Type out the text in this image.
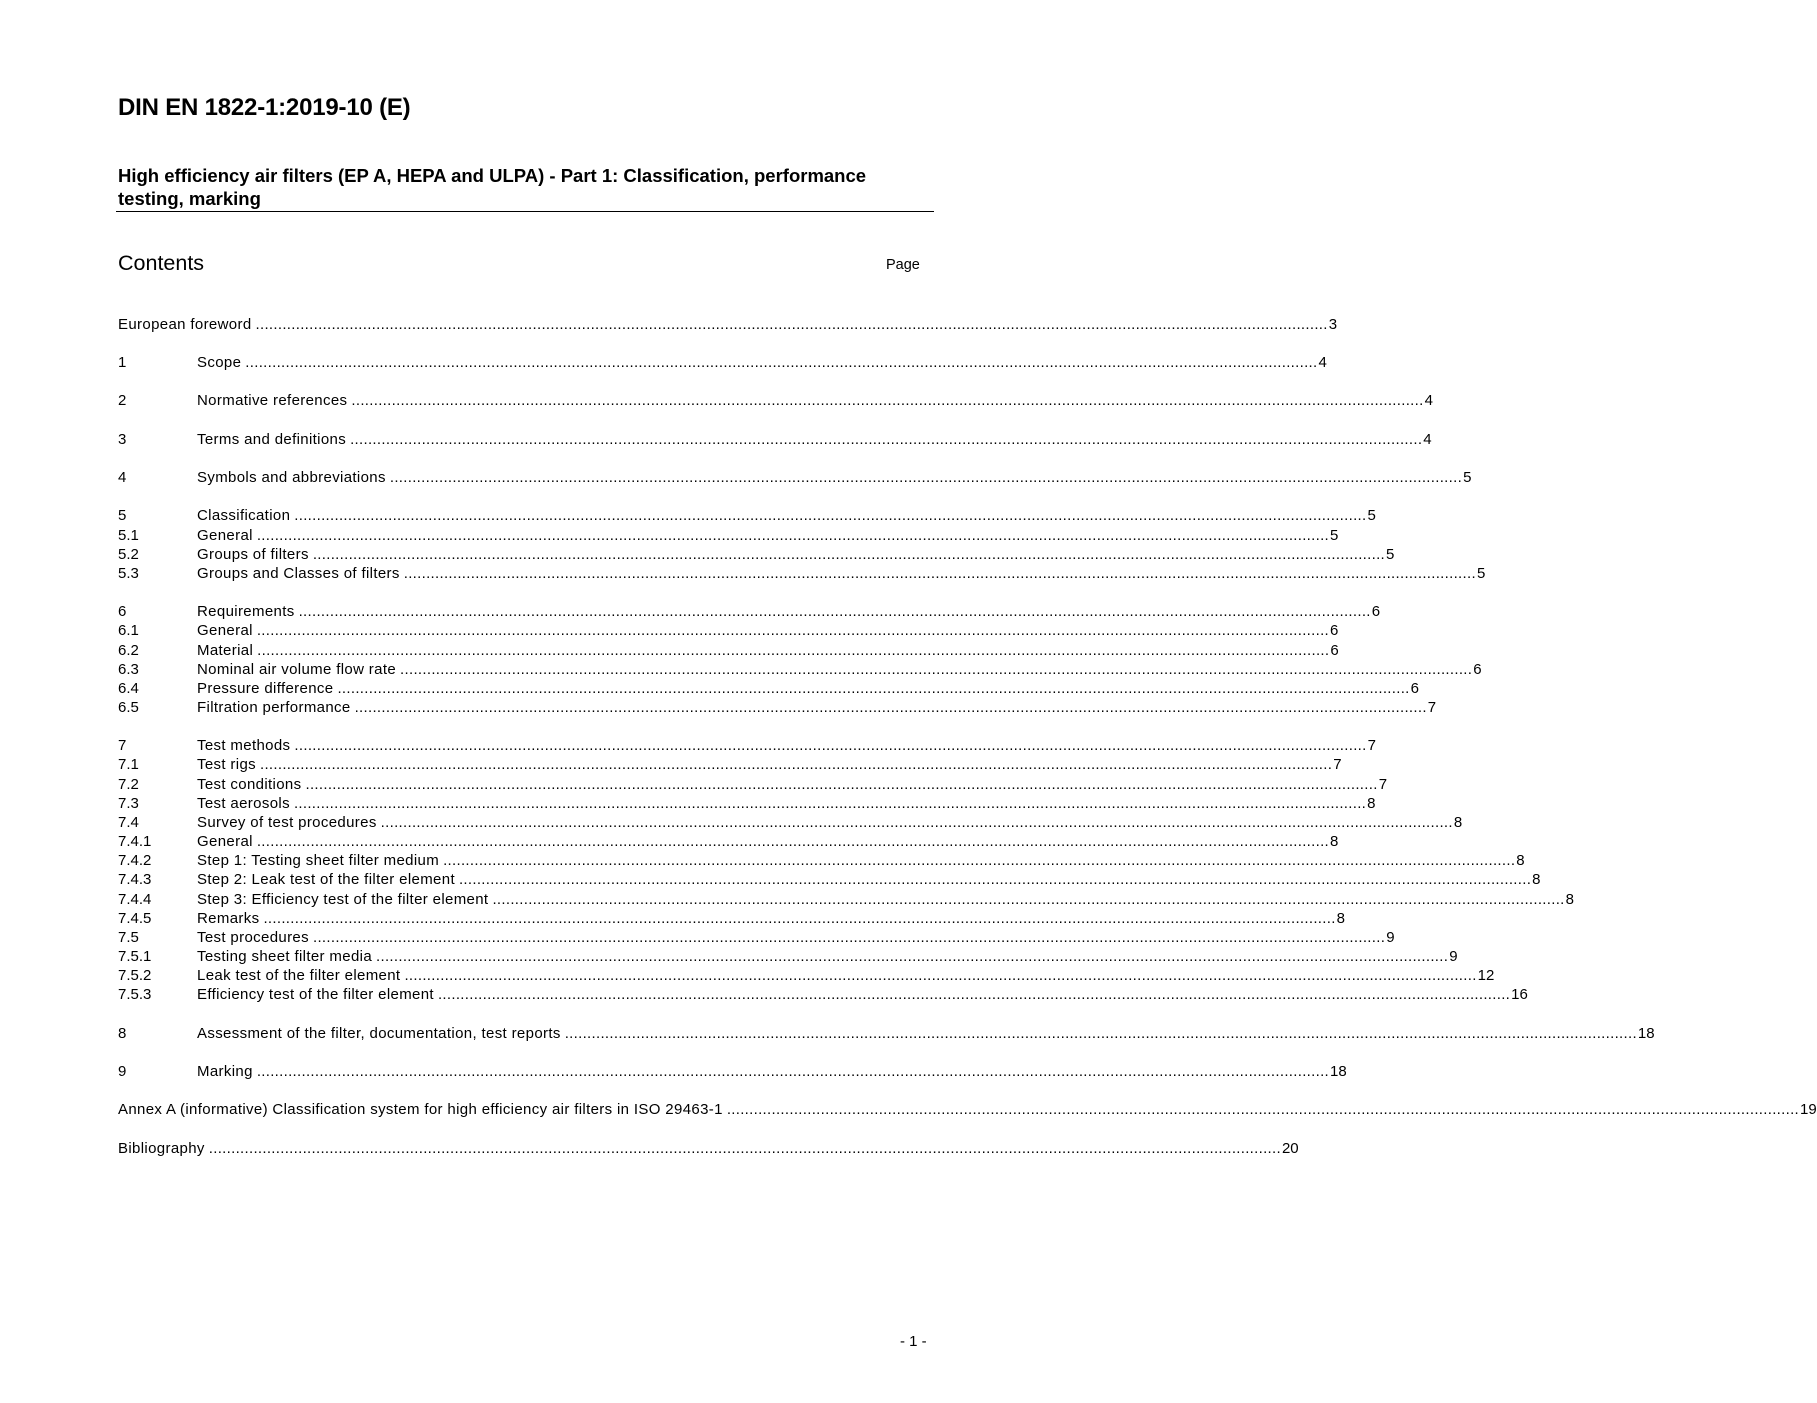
DIN EN 1822-1:2019-10 (E)
High efficiency air filters (EP A, HEPA and ULPA) - Part 1: Classification, performance testing, marking
Contents	Page
European foreword ................................................................................................................................................................................................................................................ 3
1	Scope ................................................................................................................................................................................................................................................ 4
2	Normative references ................................................................................................................................................................................................................................................ 4
3	Terms and definitions ................................................................................................................................................................................................................................................ 4
4	Symbols and abbreviations ................................................................................................................................................................................................................................................ 5
5	Classification ................................................................................................................................................................................................................................................ 5
5.1	General ................................................................................................................................................................................................................................................ 5
5.2	Groups of filters ................................................................................................................................................................................................................................................ 5
5.3	Groups and Classes of filters ................................................................................................................................................................................................................................................ 5
6	Requirements ................................................................................................................................................................................................................................................ 6
6.1	General ................................................................................................................................................................................................................................................ 6
6.2	Material ................................................................................................................................................................................................................................................ 6
6.3	Nominal air volume flow rate ................................................................................................................................................................................................................................................ 6
6.4	Pressure difference ................................................................................................................................................................................................................................................ 6
6.5	Filtration performance ................................................................................................................................................................................................................................................ 7
7	Test methods ................................................................................................................................................................................................................................................ 7
7.1	Test rigs ................................................................................................................................................................................................................................................ 7
7.2	Test conditions ................................................................................................................................................................................................................................................ 7
7.3	Test aerosols ................................................................................................................................................................................................................................................ 8
7.4	Survey of test procedures ................................................................................................................................................................................................................................................ 8
7.4.1	General ................................................................................................................................................................................................................................................ 8
7.4.2	Step 1: Testing sheet filter medium ................................................................................................................................................................................................................................................ 8
7.4.3	Step 2: Leak test of the filter element ................................................................................................................................................................................................................................................ 8
7.4.4	Step 3: Efficiency test of the filter element ................................................................................................................................................................................................................................................ 8
7.4.5	Remarks ................................................................................................................................................................................................................................................ 8
7.5	Test procedures ................................................................................................................................................................................................................................................ 9
7.5.1	Testing sheet filter media ................................................................................................................................................................................................................................................ 9
7.5.2	Leak test of the filter element ................................................................................................................................................................................................................................................ 12
7.5.3	Efficiency test of the filter element ................................................................................................................................................................................................................................................ 16
8	Assessment of the filter, documentation, test reports ................................................................................................................................................................................................................................................ 18
9	Marking ................................................................................................................................................................................................................................................ 18
Annex A (informative) Classification system for high efficiency air filters in ISO 29463-1 ................................................................................................................................................................................................................................................ 19
Bibliography ................................................................................................................................................................................................................................................ 20
- 1 -
